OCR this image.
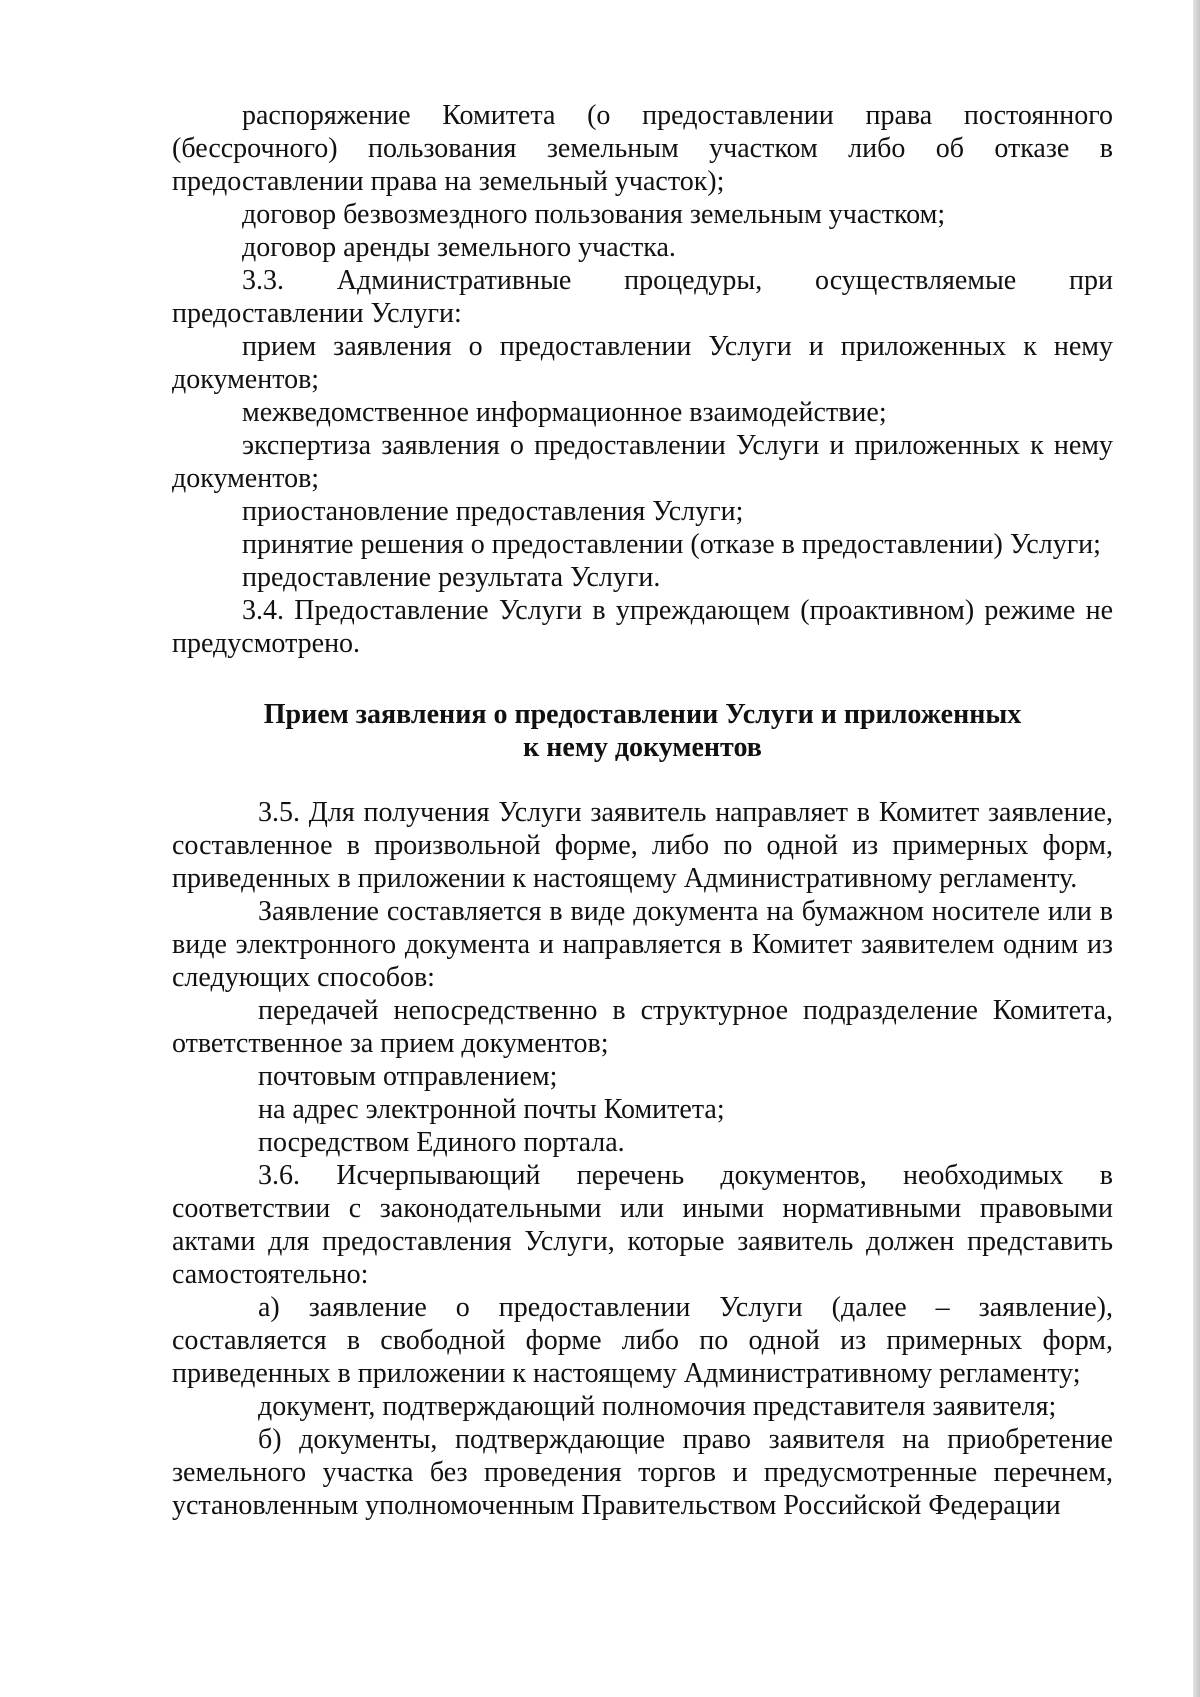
распоряжение Комитета (о предоставлении права постоянного (бессрочного) пользования земельным участком либо об отказе в предоставлении права на земельный участок);

договор безвозмездного пользования земельным участком;

договор аренды земельного участка.

3.3. Административные процедуры, осуществляемые при предоставлении Услуги:

прием заявления о предоставлении Услуги и приложенных к нему документов;

межведомственное информационное взаимодействие;

экспертиза заявления о предоставлении Услуги и приложенных к нему документов;

приостановление предоставления Услуги;

принятие решения о предоставлении (отказе в предоставлении) Услуги;

предоставление результата Услуги.

3.4. Предоставление Услуги в упреждающем (проактивном) режиме не предусмотрено.

Прием заявления о предоставлении Услуги и приложенных

к нему документов

3.5. Для получения Услуги заявитель направляет в Комитет заявление, составленное в произвольной форме, либо по одной из примерных форм, приведенных в приложении к настоящему Административному регламенту.

Заявление составляется в виде документа на бумажном носителе или в виде электронного документа и направляется в Комитет заявителем одним из следующих способов:

передачей непосредственно в структурное подразделение Комитета, ответственное за прием документов;

почтовым отправлением;

на адрес электронной почты Комитета;

посредством Единого портала.

3.6. Исчерпывающий перечень документов, необходимых в соответствии с законодательными или иными нормативными правовыми актами для предоставления Услуги, которые заявитель должен представить самостоятельно:

а) заявление о предоставлении Услуги (далее – заявление), составляется в свободной форме либо по одной из примерных форм, приведенных в приложении к настоящему Административному регламенту;

документ, подтверждающий полномочия представителя заявителя;

б) документы, подтверждающие право заявителя на приобретение земельного участка без проведения торгов и предусмотренные перечнем, установленным уполномоченным Правительством Российской Федерации
